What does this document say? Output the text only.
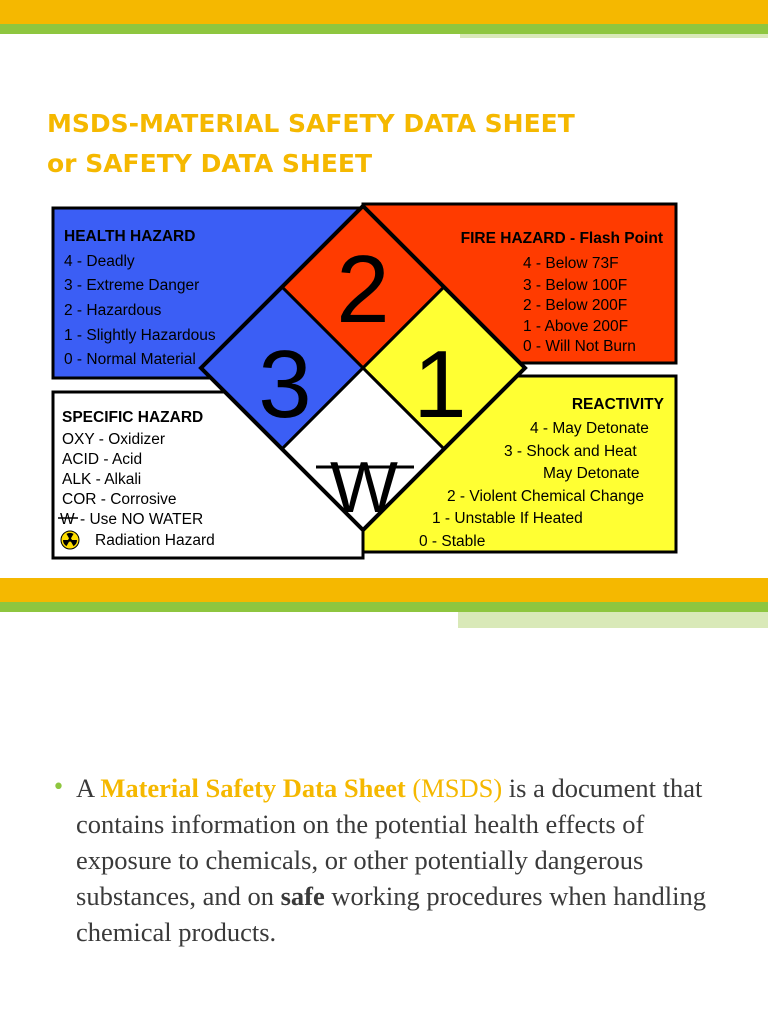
MSDS-MATERIAL SAFETY DATA SHEET
or SAFETY DATA SHEET
2
3 1
W
HEALTH HAZARD
4 - Deadly
3 - Extreme Danger
2 - Hazardous
1 - Slightly Hazardous
0 - Normal Material
FIRE HAZARD - Flash Point
4 - Below 73F
3 - Below 100F
2 - Below 200F
1 - Above 200F
0 - Will Not Burn
SPECIFIC HAZARD
OXY - Oxidizer
ACID - Acid
ALK - Alkali
COR - Corrosive
W - Use NO WATER
Radiation Hazard
REACTIVITY
4 - May Detonate
3 - Shock and Heat
May Detonate
2 - Violent Chemical Change
1 - Unstable If Heated
0 - Stable
• A Material Safety Data Sheet (MSDS) is a document that contains information on the potential health effects of exposure to chemicals, or other potentially dangerous substances, and on safe working procedures when handling chemical products.
